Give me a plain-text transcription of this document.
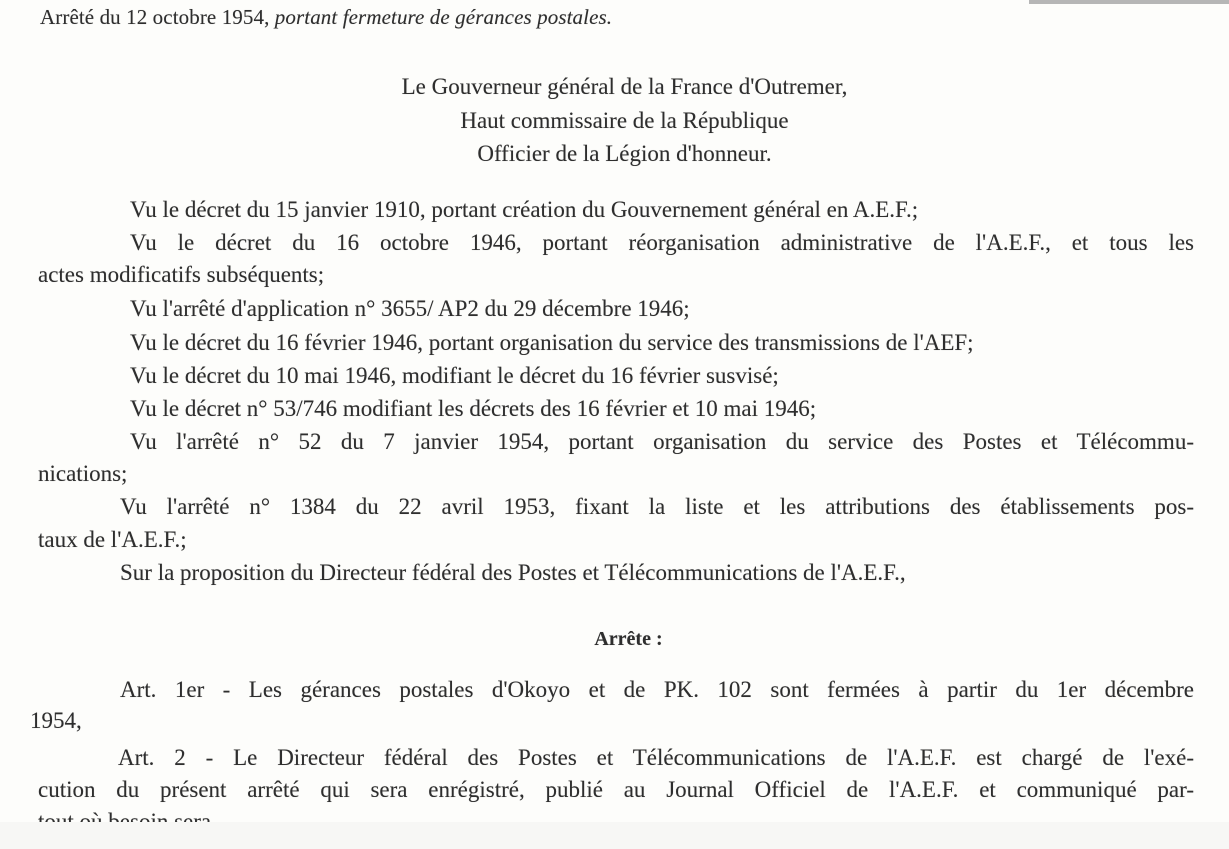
Arrêté du 12 octobre 1954, portant fermeture de gérances postales.
Le Gouverneur général de la France d'Outremer,
Haut commissaire de la République
Officier de la Légion d'honneur.
Vu le décret du 15 janvier 1910, portant création du Gouvernement général en A.E.F.;
Vu le décret du 16 octobre 1946, portant réorganisation administrative de l'A.E.F., et tous les
actes modificatifs subséquents;
Vu l'arrêté d'application n° 3655/ AP2 du 29 décembre 1946;
Vu le décret du 16 février 1946, portant organisation du service des transmissions de l'AEF;
Vu le décret du 10 mai 1946, modifiant le décret du 16 février susvisé;
Vu le décret n° 53/746 modifiant les décrets des 16 février et 10 mai 1946;
Vu l'arrêté n° 52 du 7 janvier 1954, portant organisation du service des Postes et Télécommu-
nications;
Vu l'arrêté n° 1384 du 22 avril 1953, fixant la liste et les attributions des établissements pos-
taux de l'A.E.F.;
Sur la proposition du Directeur fédéral des Postes et Télécommunications de l'A.E.F.,
Arrête :
Art. 1er - Les gérances postales d'Okoyo et de PK. 102 sont fermées à partir du 1er décembre
1954,
Art. 2 - Le Directeur fédéral des Postes et Télécommunications de l'A.E.F. est chargé de l'exé-
cution du présent arrêté qui sera enrégistré, publié au Journal Officiel de l'A.E.F. et communiqué par-
